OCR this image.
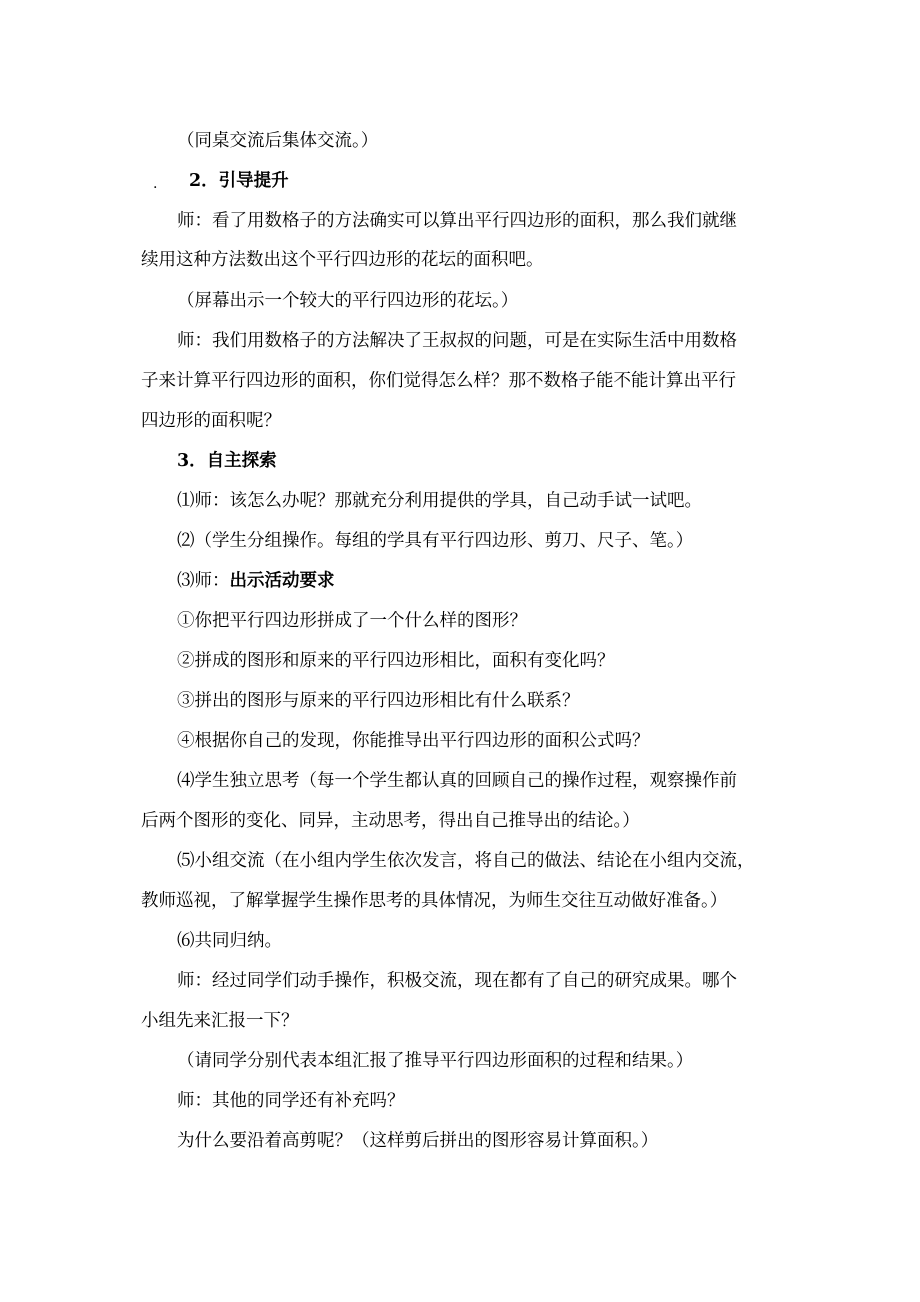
.
（同桌交流后集体交流。）
2．引导提升
师：看了用数格子的方法确实可以算出平行四边形的面积，那么我们就继
续用这种方法数出这个平行四边形的花坛的面积吧。
（屏幕出示一个较大的平行四边形的花坛。）
师：我们用数格子的方法解决了王叔叔的问题，可是在实际生活中用数格
子来计算平行四边形的面积，你们觉得怎么样？那不数格子能不能计算出平行
四边形的面积呢？
3．自主探索
⑴师：该怎么办呢？那就充分利用提供的学具，自己动手试一试吧。
⑵（学生分组操作。每组的学具有平行四边形、剪刀、尺子、笔。）
⑶师：出示活动要求
①你把平行四边形拼成了一个什么样的图形？
②拼成的图形和原来的平行四边形相比，面积有变化吗？
③拼出的图形与原来的平行四边形相比有什么联系？
④根据你自己的发现，你能推导出平行四边形的面积公式吗？
⑷学生独立思考（每一个学生都认真的回顾自己的操作过程，观察操作前
后两个图形的变化、同异，主动思考，得出自己推导出的结论。）
⑸小组交流（在小组内学生依次发言，将自己的做法、结论在小组内交流，
教师巡视，了解掌握学生操作思考的具体情况，为师生交往互动做好准备。）
⑹共同归纳。
师：经过同学们动手操作，积极交流，现在都有了自己的研究成果。哪个
小组先来汇报一下？
（请同学分别代表本组汇报了推导平行四边形面积的过程和结果。）
师：其他的同学还有补充吗？
为什么要沿着高剪呢？（这样剪后拼出的图形容易计算面积。）
